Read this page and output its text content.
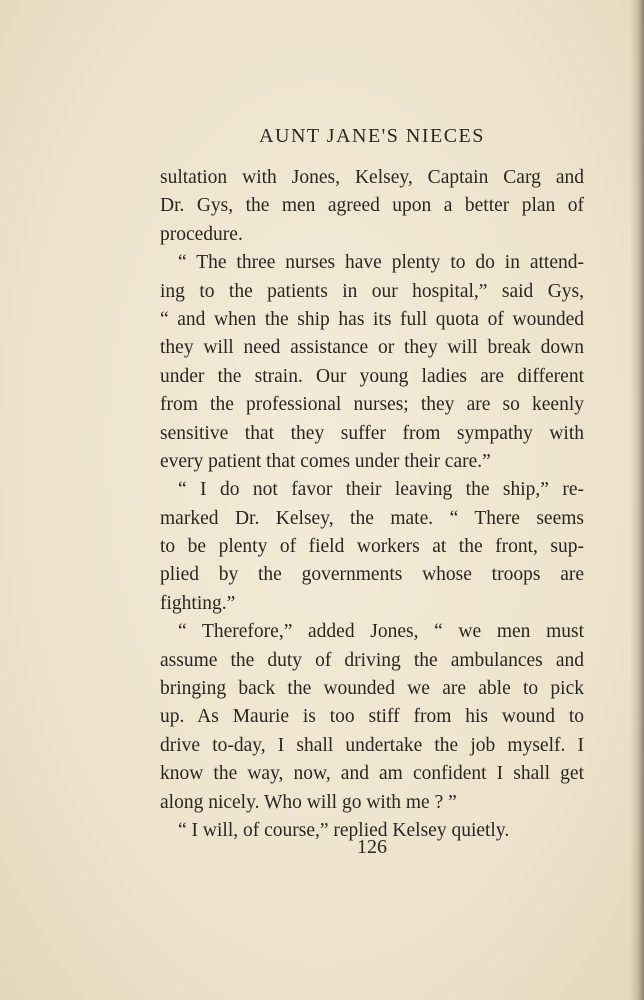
AUNT JANE'S NIECES
sultation with Jones, Kelsey, Captain Carg and
Dr. Gys, the men agreed upon a better plan of
procedure.
“ The three nurses have plenty to do in attend-
ing to the patients in our hospital,” said Gys,
“ and when the ship has its full quota of wounded
they will need assistance or they will break down
under the strain. Our young ladies are different
from the professional nurses; they are so keenly
sensitive that they suffer from sympathy with
every patient that comes under their care.”
“ I do not favor their leaving the ship,” re-
marked Dr. Kelsey, the mate. “ There seems
to be plenty of field workers at the front, sup-
plied by the governments whose troops are
fighting.”
“ Therefore,” added Jones, “ we men must
assume the duty of driving the ambulances and
bringing back the wounded we are able to pick
up. As Maurie is too stiff from his wound to
drive to-day, I shall undertake the job myself. I
know the way, now, and am confident I shall get
along nicely. Who will go with me ? ”
“ I will, of course,” replied Kelsey quietly.
126
